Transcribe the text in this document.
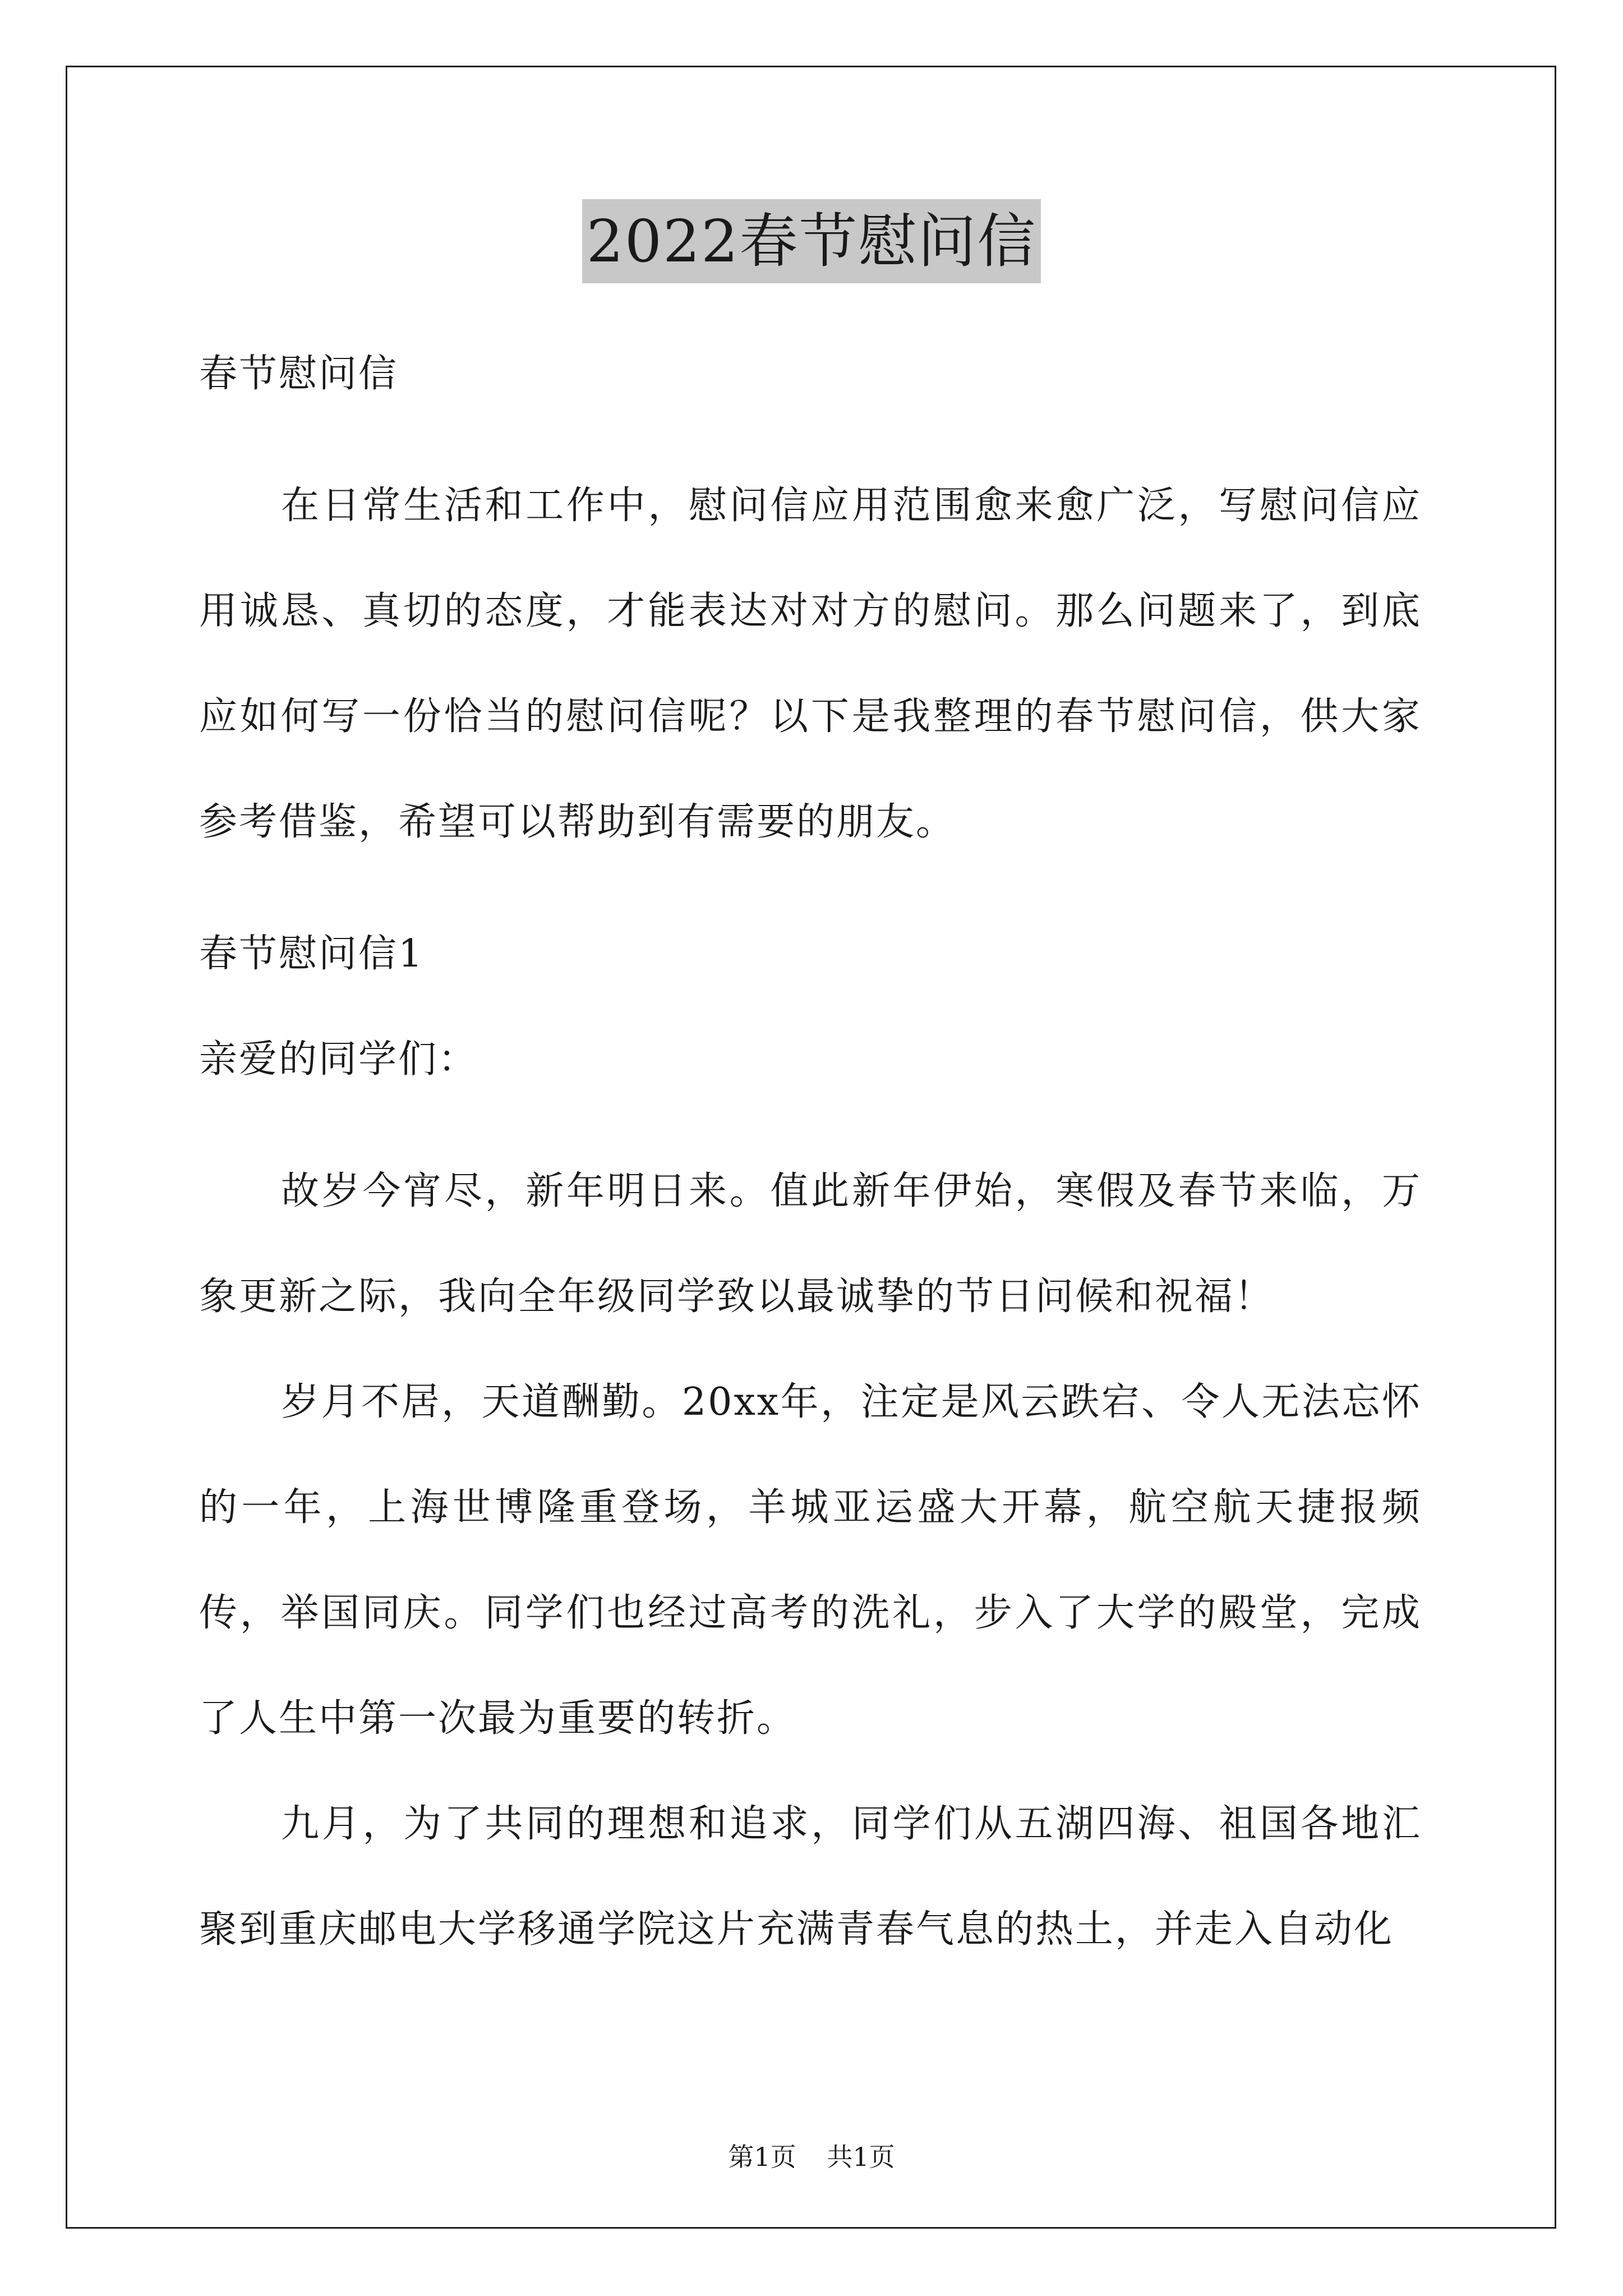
2022春节慰问信
春节慰问信

在日常生活和工作中，慰问信应用范围愈来愈广泛，写慰问信应用诚恳、真切的态度，才能表达对对方的慰问。那么问题来了，到底应如何写一份恰当的慰问信呢？以下是我整理的春节慰问信，供大家参考借鉴，希望可以帮助到有需要的朋友。

春节慰问信1
亲爱的同学们：

故岁今宵尽，新年明日来。值此新年伊始，寒假及春节来临，万象更新之际，我向全年级同学致以最诚挚的节日问候和祝福！

岁月不居，天道酬勤。20xx年，注定是风云跌宕、令人无法忘怀的一年，上海世博隆重登场，羊城亚运盛大开幕，航空航天捷报频传，举国同庆。同学们也经过高考的洗礼，步入了大学的殿堂，完成了人生中第一次最为重要的转折。

九月，为了共同的理想和追求，同学们从五湖四海、祖国各地汇聚到重庆邮电大学移通学院这片充满青春气息的热土，并走入自动化

第1页 共1页
